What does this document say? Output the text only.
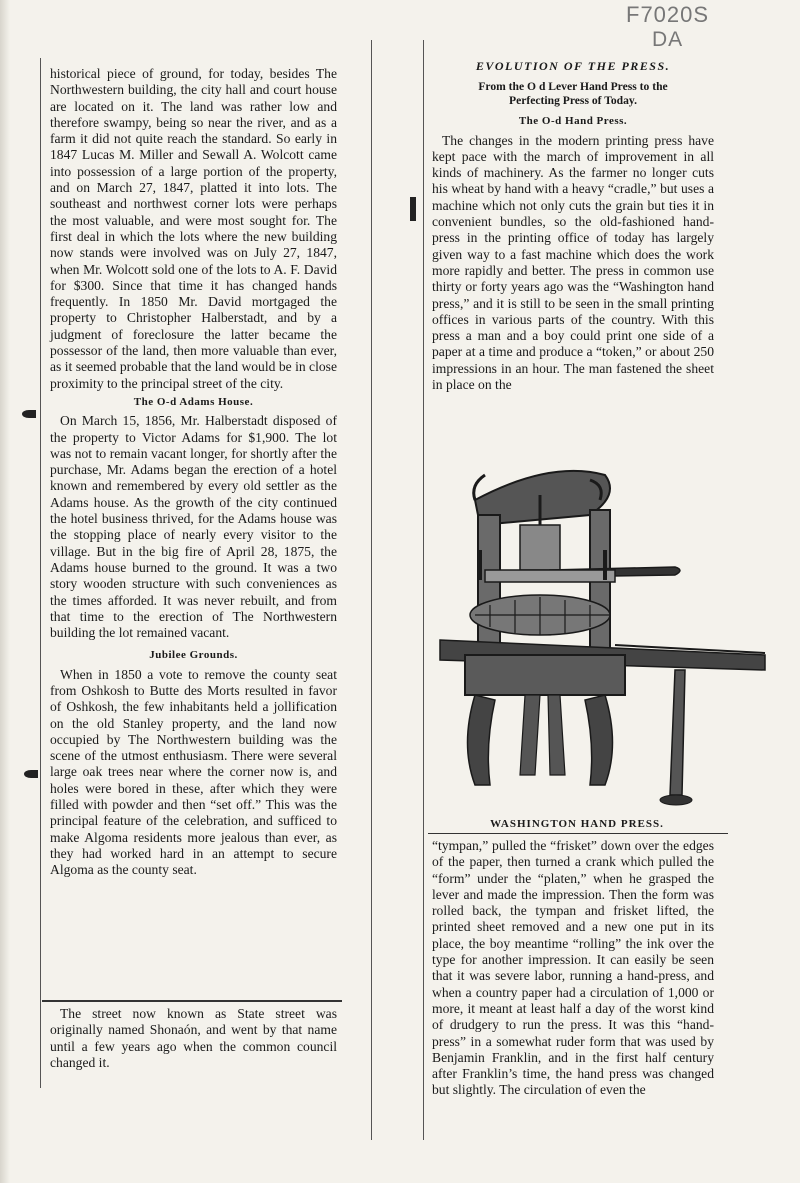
F7020S
DA

historical piece of ground, for today, besides The Northwestern building, the city hall and court house are located on it. The land was rather low and therefore swampy, being so near the river, and as a farm it did not quite reach the standard. So early in 1847 Lucas M. Miller and Sewall A. Wolcott came into possession of a large portion of the property, and on March 27, 1847, platted it into lots. The southeast and northwest corner lots were perhaps the most valuable, and were most sought for. The first deal in which the lots where the new building now stands were involved was on July 27, 1847, when Mr. Wolcott sold one of the lots to A. F. David for $300. Since that time it has changed hands frequently. In 1850 Mr. David mortgaged the property to Christopher Halberstadt, and by a judgment of foreclosure the latter became the possessor of the land, then more valuable than ever, as it seemed probable that the land would be in close proximity to the principal street of the city.

The O-d Adams House.

On March 15, 1856, Mr. Halberstadt disposed of the property to Victor Adams for $1,900. The lot was not to remain vacant longer, for shortly after the purchase, Mr. Adams began the erection of a hotel known and remembered by every old settler as the Adams house. As the growth of the city continued the hotel business thrived, for the Adams house was the stopping place of nearly every visitor to the village. But in the big fire of April 28, 1875, the Adams house burned to the ground. It was a two story wooden structure with such conveniences as the times afforded. It was never rebuilt, and from that time to the erection of The Northwestern building the lot remained vacant.

Jubilee Grounds.

When in 1850 a vote to remove the county seat from Oshkosh to Butte des Morts resulted in favor of Oshkosh, the few inhabitants held a jollification on the old Stanley property, and the land now occupied by The Northwestern building was the scene of the utmost enthusiasm. There were several large oak trees near where the corner now is, and holes were bored in these, after which they were filled with powder and then “set off.” This was the principal feature of the celebration, and sufficed to make Algoma residents more jealous than ever, as they had worked hard in an attempt to secure Algoma as the county seat.

The street now known as State street was originally named Shonaón, and went by that name until a few years ago when the common council changed it.

EVOLUTION OF THE PRESS.
From the O d Lever Hand Press to the
Perfecting Press of Today.
The O-d Hand Press.

The changes in the modern printing press have kept pace with the march of improvement in all kinds of machinery. As the farmer no longer cuts his wheat by hand with a heavy “cradle,” but uses a machine which not only cuts the grain but ties it in convenient bundles, so the old-fashioned hand-press in the printing office of today has largely given way to a fast machine which does the work more rapidly and better. The press in common use thirty or forty years ago was the “Washington hand press,” and it is still to be seen in the small printing offices in various parts of the country. With this press a man and a boy could print one side of a paper at a time and produce a “token,” or about 250 impressions in an hour. The man fastened the sheet in place on the

WASHINGTON HAND PRESS.

“tympan,” pulled the “frisket” down over the edges of the paper, then turned a crank which pulled the “form” under the “platen,” when he grasped the lever and made the impression. Then the form was rolled back, the tympan and frisket lifted, the printed sheet removed and a new one put in its place, the boy meantime “rolling” the ink over the type for another impression. It can easily be seen that it was severe labor, running a hand-press, and when a country paper had a circulation of 1,000 or more, it meant at least half a day of the worst kind of drudgery to run the press. It was this “hand-press” in a somewhat ruder form that was used by Benjamin Franklin, and in the first half century after Franklin’s time, the hand press was changed but slightly. The circulation of even the
